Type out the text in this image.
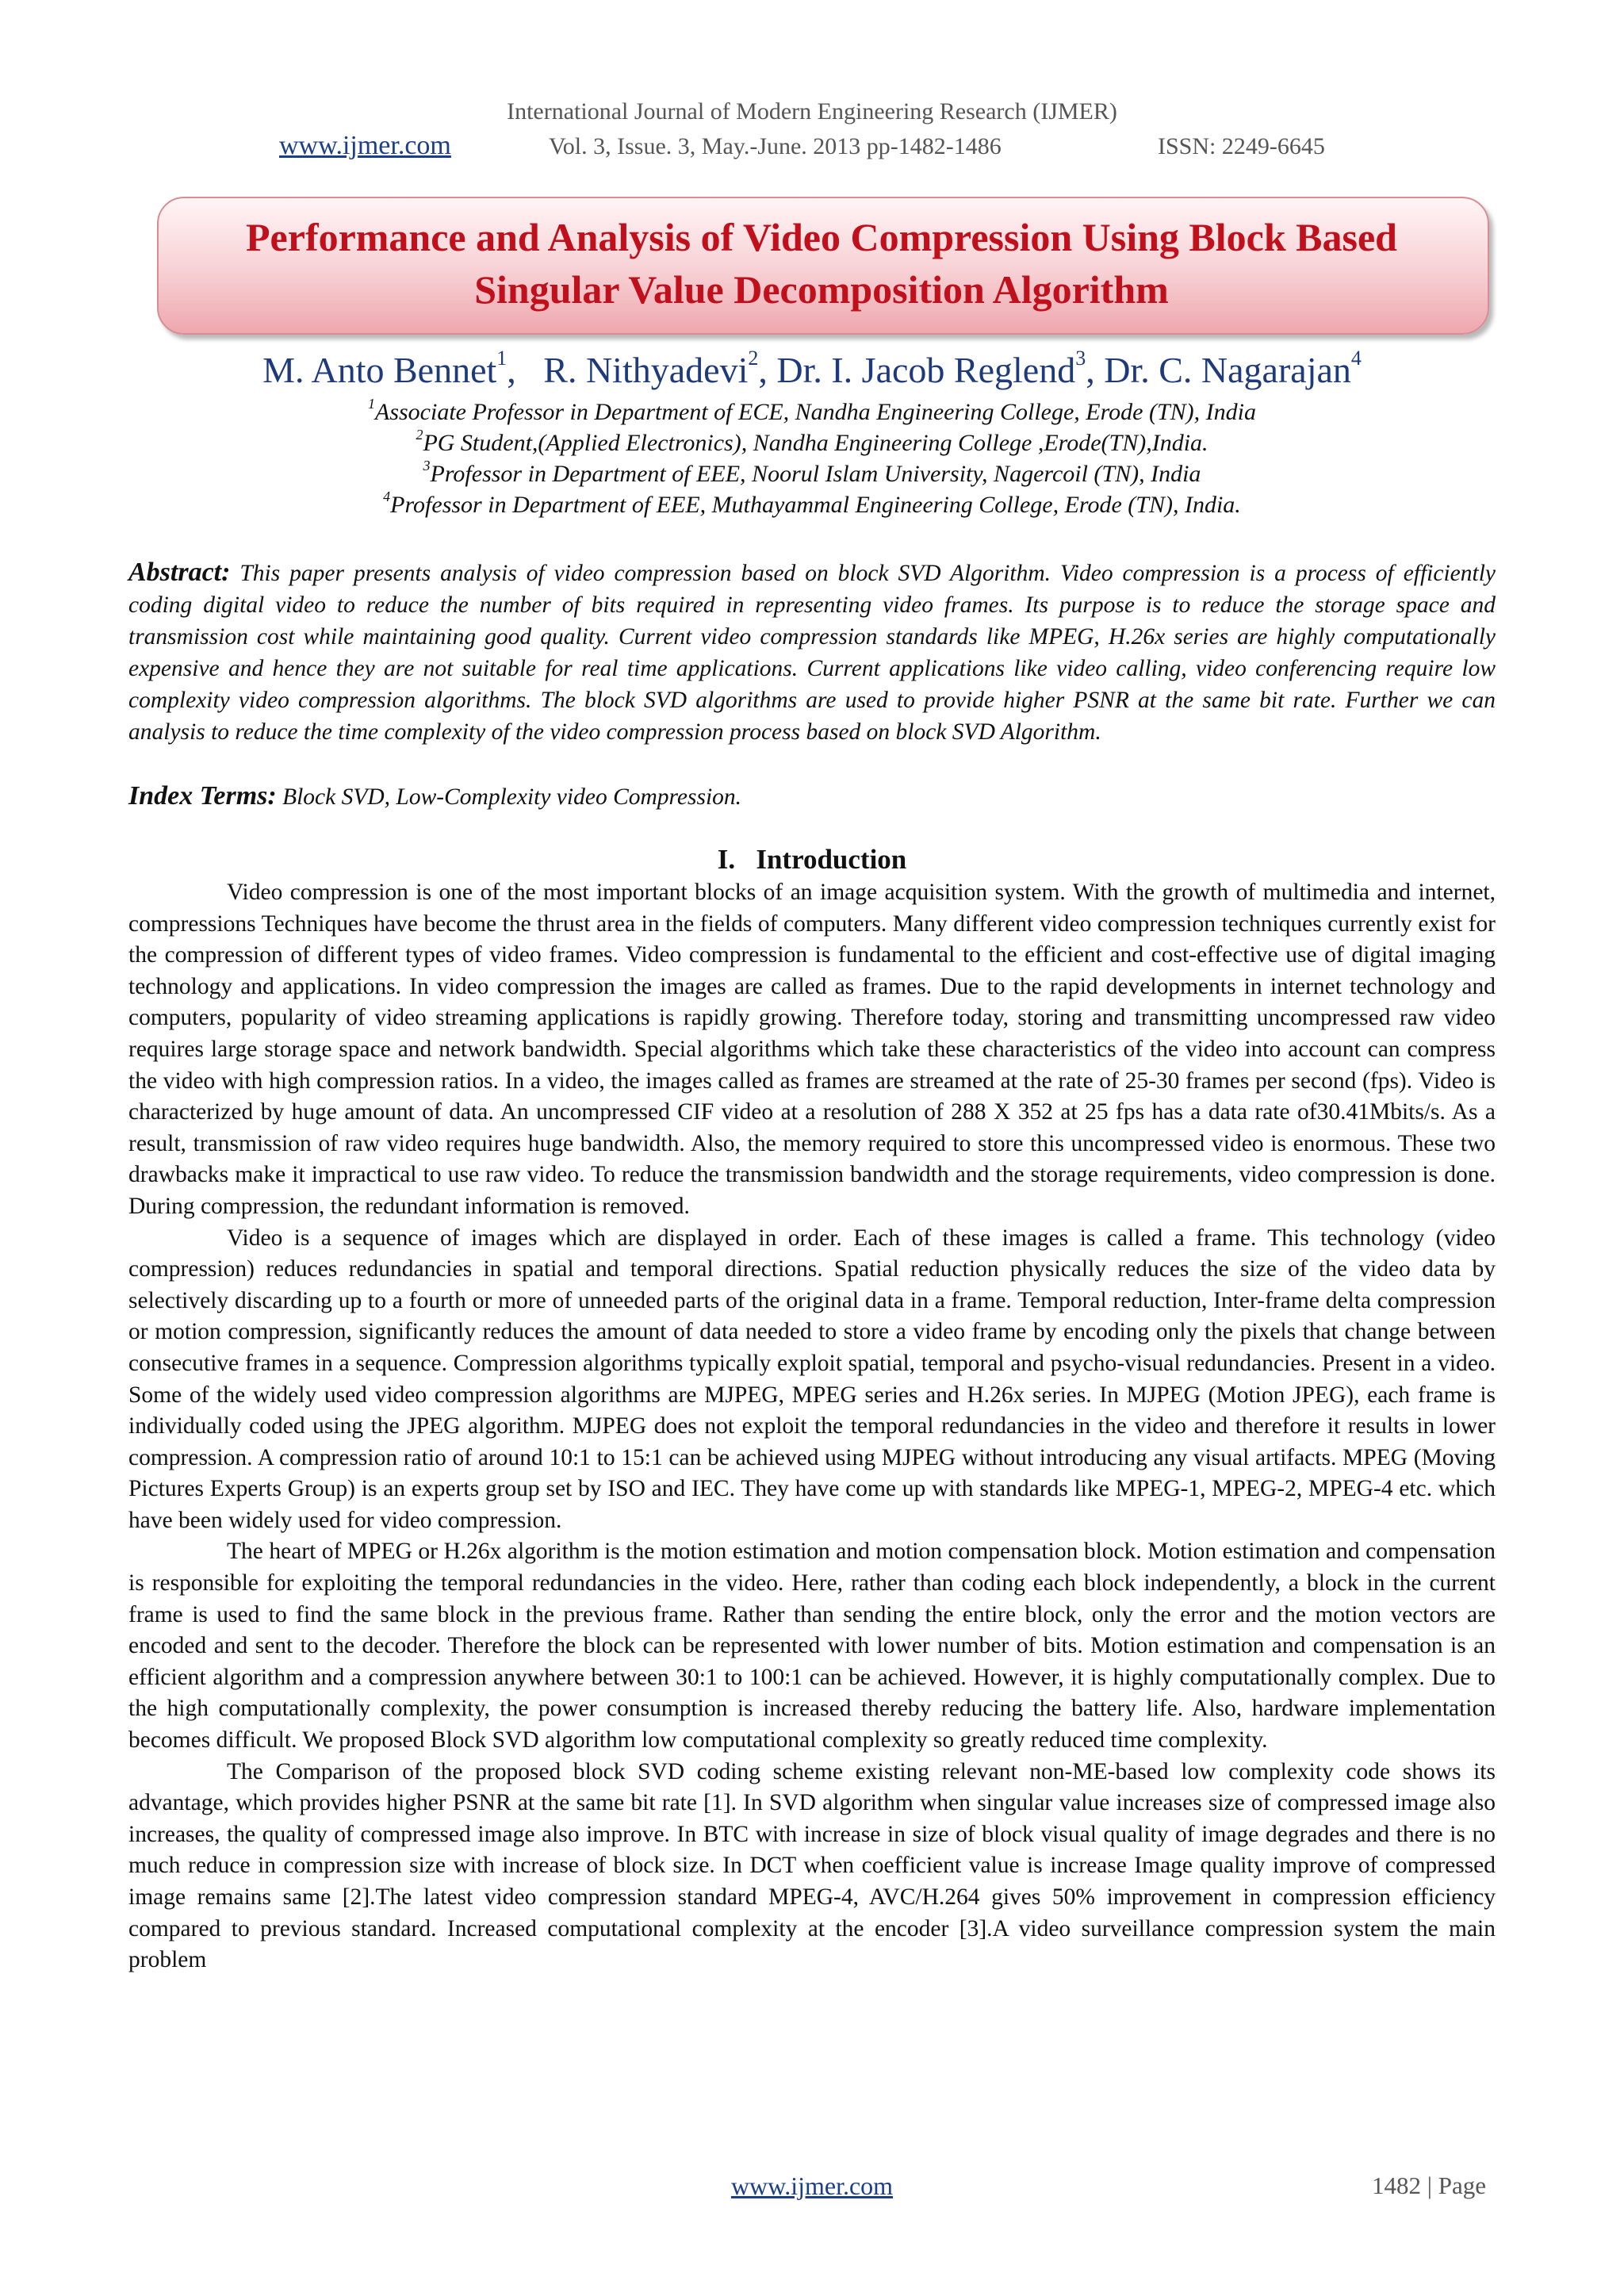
International Journal of Modern Engineering Research (IJMER)
www.ijmer.com	Vol. 3, Issue. 3, May.-June. 2013 pp-1482-1486	ISSN: 2249-6645
Performance and Analysis of Video Compression Using Block Based
Singular Value Decomposition Algorithm
M. Anto Bennet$^1$,   R. Nithyadevi$^2$, Dr. I. Jacob Reglend$^3$, Dr. C. Nagarajan$^4$
$^1$Associate Professor in Department of ECE, Nandha Engineering College, Erode (TN), India
$^2$PG Student,(Applied Electronics), Nandha Engineering College ,Erode(TN),India.
$^3$Professor in Department of EEE, Noorul Islam University, Nagercoil (TN), India
$^4$Professor in Department of EEE, Muthayammal Engineering College, Erode (TN), India.
Abstract: This paper presents analysis of video compression based on block SVD Algorithm. Video compression is a process of efficiently coding digital video to reduce the number of bits required in representing video frames. Its purpose is to reduce the storage space and transmission cost while maintaining good quality. Current video compression standards like MPEG, H.26x series are highly computationally expensive and hence they are not suitable for real time applications. Current applications like video calling, video conferencing require low complexity video compression algorithms. The block SVD algorithms are used to provide higher PSNR at the same bit rate. Further we can analysis to reduce the time complexity of the video compression process based on block SVD Algorithm.
Index Terms: Block SVD, Low-Complexity video Compression.
I.   Introduction

Video compression is one of the most important blocks of an image acquisition system. With the growth of multimedia and internet, compressions Techniques have become the thrust area in the fields of computers. Many different video compression techniques currently exist for the compression of different types of video frames. Video compression is fundamental to the efficient and cost-effective use of digital imaging technology and applications. In video compression the images are called as frames. Due to the rapid developments in internet technology and computers, popularity of video streaming applications is rapidly growing. Therefore today, storing and transmitting uncompressed raw video requires large storage space and network bandwidth. Special algorithms which take these characteristics of the video into account can compress the video with high compression ratios. In a video, the images called as frames are streamed at the rate of 25-30 frames per second (fps). Video is characterized by huge amount of data. An uncompressed CIF video at a resolution of 288 X 352 at 25 fps has a data rate of30.41Mbits/s. As a result, transmission of raw video requires huge bandwidth. Also, the memory required to store this uncompressed video is enormous. These two drawbacks make it impractical to use raw video. To reduce the transmission bandwidth and the storage requirements, video compression is done. During compression, the redundant information is removed.

Video is a sequence of images which are displayed in order. Each of these images is called a frame. This technology (video compression) reduces redundancies in spatial and temporal directions. Spatial reduction physically reduces the size of the video data by selectively discarding up to a fourth or more of unneeded parts of the original data in a frame. Temporal reduction, Inter-frame delta compression or motion compression, significantly reduces the amount of data needed to store a video frame by encoding only the pixels that change between consecutive frames in a sequence. Compression algorithms typically exploit spatial, temporal and psycho-visual redundancies. Present in a video. Some of the widely used video compression algorithms are MJPEG, MPEG series and H.26x series. In MJPEG (Motion JPEG), each frame is individually coded using the JPEG algorithm. MJPEG does not exploit the temporal redundancies in the video and therefore it results in lower compression. A compression ratio of around 10:1 to 15:1 can be achieved using MJPEG without introducing any visual artifacts. MPEG (Moving Pictures Experts Group) is an experts group set by ISO and IEC. They have come up with standards like MPEG-1, MPEG-2, MPEG-4 etc. which have been widely used for video compression.

The heart of MPEG or H.26x algorithm is the motion estimation and motion compensation block. Motion estimation and compensation is responsible for exploiting the temporal redundancies in the video. Here, rather than coding each block independently, a block in the current frame is used to find the same block in the previous frame. Rather than sending the entire block, only the error and the motion vectors are encoded and sent to the decoder. Therefore the block can be represented with lower number of bits. Motion estimation and compensation is an efficient algorithm and a compression anywhere between 30:1 to 100:1 can be achieved. However, it is highly computationally complex. Due to the high computationally complexity, the power consumption is increased thereby reducing the battery life. Also, hardware implementation becomes difficult. We proposed Block SVD algorithm low computational complexity so greatly reduced time complexity.

The Comparison of the proposed block SVD coding scheme existing relevant non-ME-based low complexity code shows its advantage, which provides higher PSNR at the same bit rate [1]. In SVD algorithm when singular value increases size of compressed image also increases, the quality of compressed image also improve. In BTC with increase in size of block visual quality of image degrades and there is no much reduce in compression size with increase of block size. In DCT when coefficient value is increase Image quality improve of compressed image remains same [2].The latest video compression standard MPEG-4, AVC/H.264 gives 50% improvement in compression efficiency compared to previous standard. Increased computational complexity at the encoder [3].A video surveillance compression system the main problem

www.ijmer.com	1482 | Page
